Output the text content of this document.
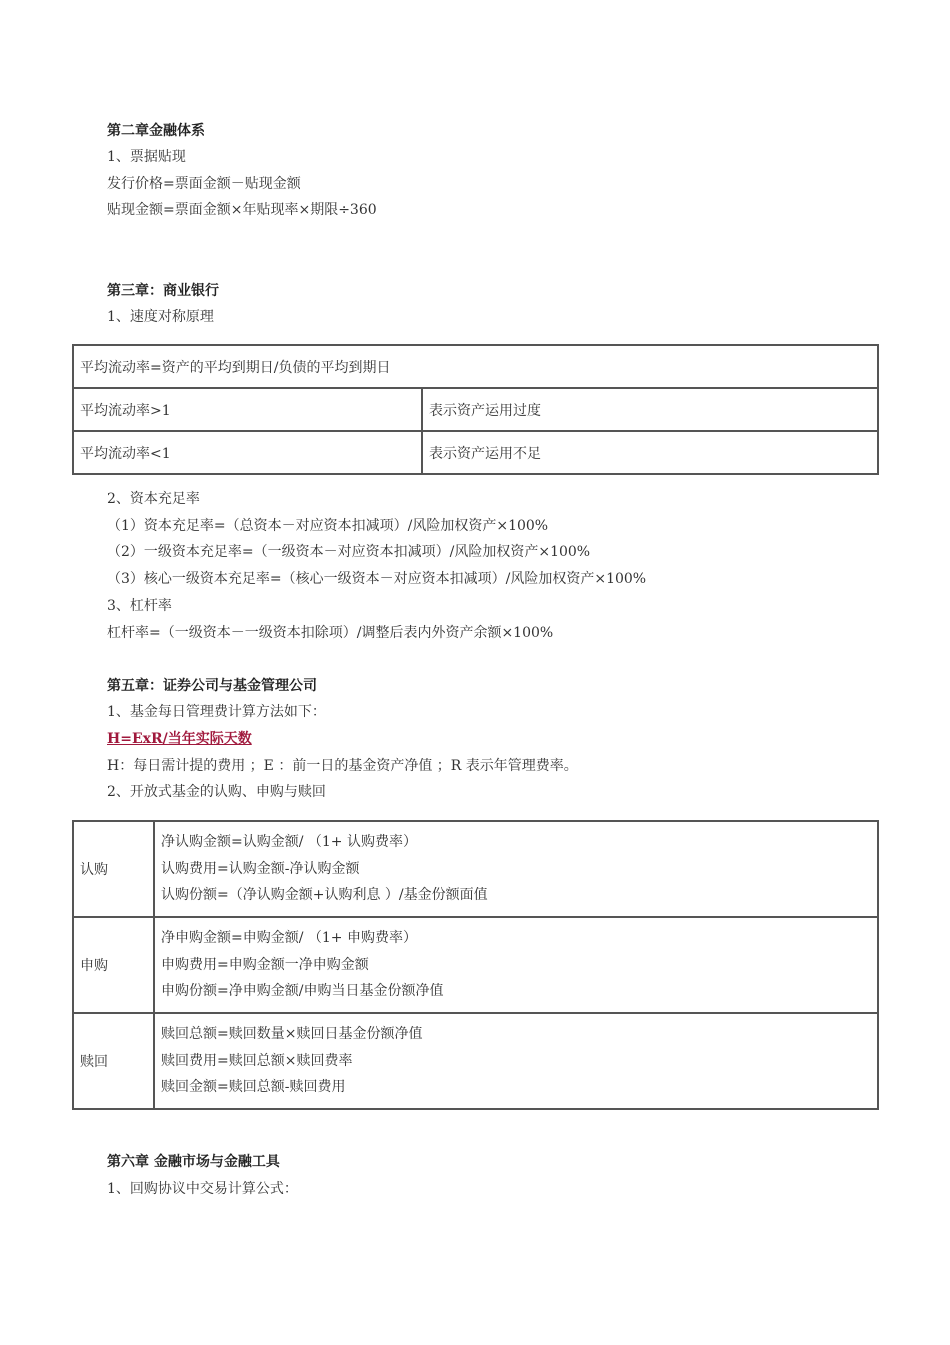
第二章金融体系
1、票据贴现
发行价格=票面金额－贴现金额
贴现金额=票面金额×年贴现率×期限÷360
第三章：商业银行
1、速度对称原理
平均流动率=资产的平均到期日/负债的平均到期日	
平均流动率>1	表示资产运用过度
平均流动率<1	表示资产运用不足
2、资本充足率
（1）资本充足率=（总资本－对应资本扣减项）/风险加权资产×100%
（2）一级资本充足率=（一级资本－对应资本扣减项）/风险加权资产×100%
（3）核心一级资本充足率=（核心一级资本－对应资本扣减项）/风险加权资产×100%
3、杠杆率
杠杆率=（一级资本－一级资本扣除项）/调整后表内外资产余额×100%
第五章：证券公司与基金管理公司
1、基金每日管理费计算方法如下：
H=ExR/当年实际天数
H：每日需计提的费用 ；E ：前一日的基金资产净值 ；R 表示年管理费率。
2、开放式基金的认购、申购与赎回
认购	净认购金额=认购金额/ （1+ 认购费率）
认购费用=认购金额-净认购金额
认购份额=（净认购金额+认购利息 ）/基金份额面值

申购	净申购金额=申购金额/ （1+ 申购费率）
申购费用=申购金额一净申购金额
申购份额=净申购金额/申购当日基金份额净值

赎回	赎回总额=赎回数量×赎回日基金份额净值
赎回费用=赎回总额×赎回费率
赎回金额=赎回总额-赎回费用
第六章 金融市场与金融工具
1、回购协议中交易计算公式：
